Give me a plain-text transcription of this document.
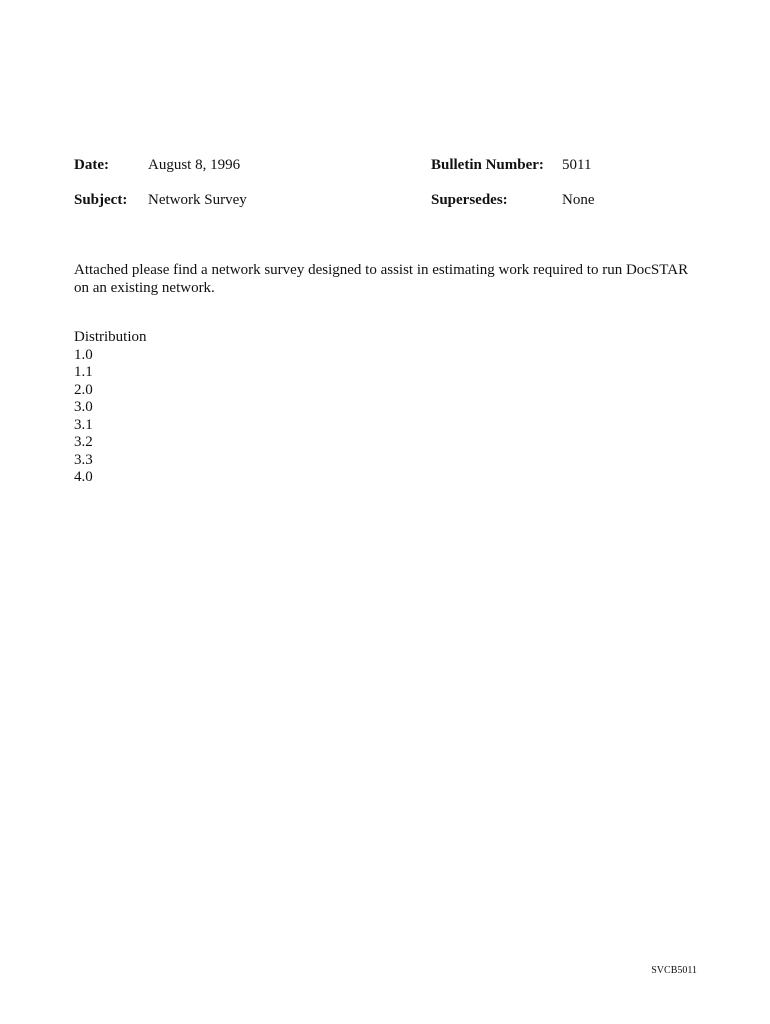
Date:	August 8, 1996	Bulletin Number: 5011
Subject: Network Survey	Supersedes:	None
Attached please find a network survey designed to assist in estimating work required to run DocSTAR
on an existing network.
Distribution
1.0
1.1
2.0
3.0
3.1
3.2
3.3
4.0
SVCB5011
